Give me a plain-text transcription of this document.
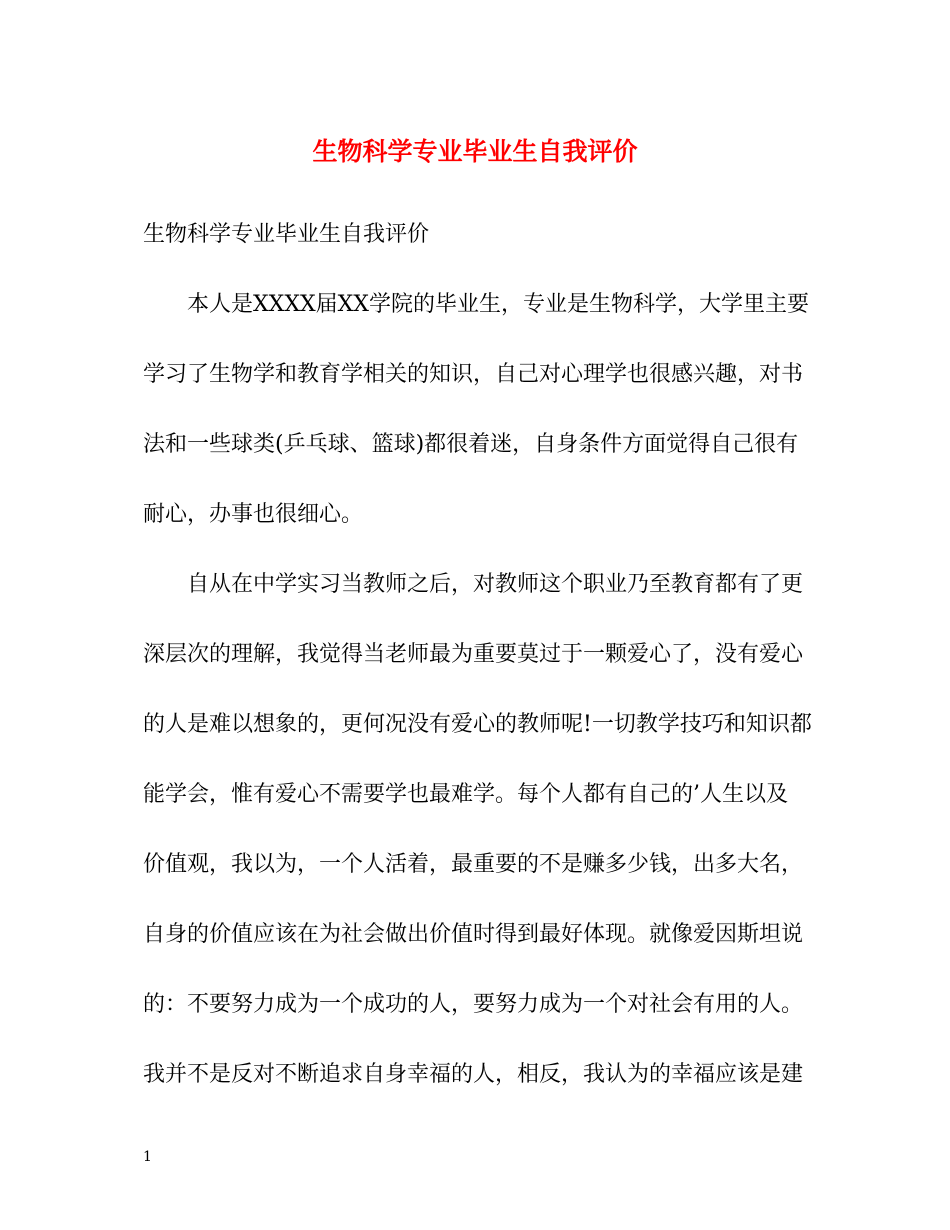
生物科学专业毕业生自我评价
生物科学专业毕业生自我评价
本人是XXXX届XX学院的毕业生，专业是生物科学，大学里主要
学习了生物学和教育学相关的知识，自己对心理学也很感兴趣，对书
法和一些球类(乒乓球、篮球)都很着迷，自身条件方面觉得自己很有
耐心，办事也很细心。
自从在中学实习当教师之后，对教师这个职业乃至教育都有了更
深层次的理解，我觉得当老师最为重要莫过于一颗爱心了，没有爱心
的人是难以想象的，更何况没有爱心的教师呢!一切教学技巧和知识都
能学会，惟有爱心不需要学也最难学。每个人都有自己的’人生以及
价值观，我以为，一个人活着，最重要的不是赚多少钱，出多大名，
自身的价值应该在为社会做出价值时得到最好体现。就像爱因斯坦说
的：不要努力成为一个成功的人，要努力成为一个对社会有用的人。
我并不是反对不断追求自身幸福的人，相反，我认为的幸福应该是建
1
